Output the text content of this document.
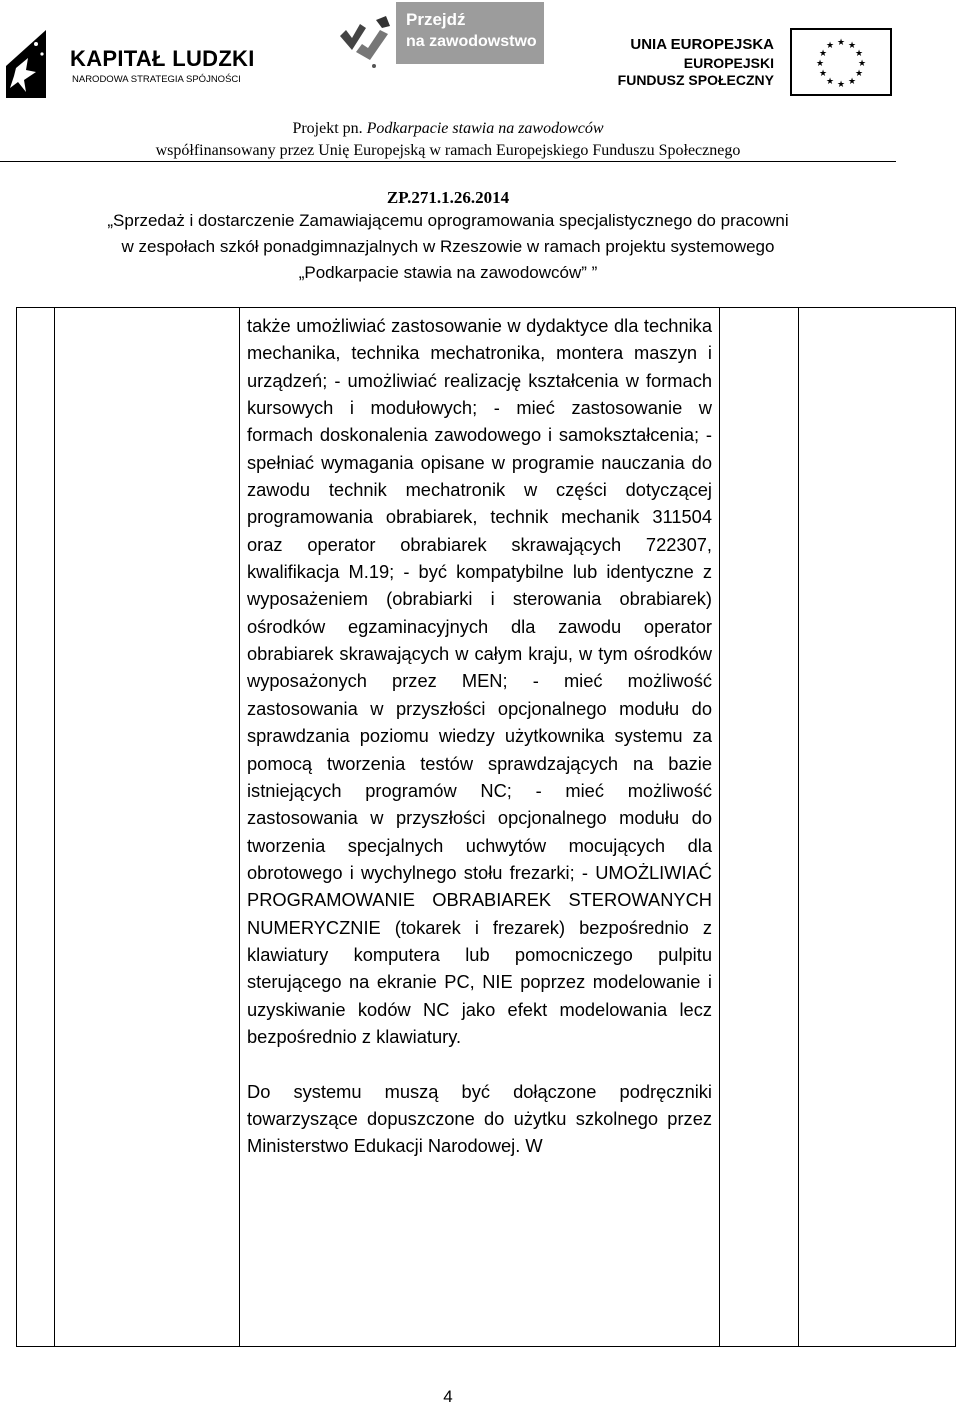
KAPITAŁ LUDZKI
NARODOWA STRATEGIA SPÓJNOŚCI
Przejdź
na zawodowstwo	UNIA EUROPEJSKA
EUROPEJSKI
FUNDUSZ SPOŁECZNY
★ ★
★
★
★
★
★
★
★
★
★
★
Projekt pn. Podkarpacie stawia na zawodowców
współfinansowany przez Unię Europejską w ramach Europejskiego Funduszu Społecznego
ZP.271.1.26.2014
„Sprzedaż i dostarczenie Zamawiającemu oprogramowania specjalistycznego do pracowni
w zespołach szkół ponadgimnazjalnych w Rzeszowie w ramach projektu systemowego
„Podkarpacie stawia na zawodowców” ”

także umożliwiać zastosowanie w dydaktyce dla technika mechanika, technika mechatronika, montera maszyn i urządzeń; - umożliwiać realizację kształcenia w formach kursowych i modułowych; - mieć zastosowanie w formach doskonalenia zawodowego i samokształcenia; - spełniać wymagania opisane w programie nauczania do zawodu technik mechatronik w części dotyczącej programowania obrabiarek, technik mechanik 311504 oraz operator obrabiarek skrawających 722307, kwalifikacja M.19; - być kompatybilne lub identyczne z wyposażeniem (obrabiarki i sterowania obrabiarek) ośrodków egzaminacyjnych dla zawodu operator obrabiarek skrawających w całym kraju, w tym ośrodków wyposażonych przez MEN; - mieć możliwość zastosowania w przyszłości opcjonalnego modułu do sprawdzania poziomu wiedzy użytkownika systemu za pomocą tworzenia testów sprawdzających na bazie istniejących programów NC; - mieć możliwość zastosowania w przyszłości opcjonalnego modułu do tworzenia specjalnych uchwytów mocujących dla obrotowego i wychylnego stołu frezarki; - UMOŻLIWIAĆ PROGRAMOWANIE OBRABIAREK STEROWANYCH NUMERYCZNIE (tokarek i frezarek) bezpośrednio z klawiatury komputera lub pomocniczego pulpitu sterującego na ekranie PC, NIE poprzez modelowanie i uzyskiwanie kodów NC jako efekt modelowania lecz bezpośrednio z klawiatury.

Do systemu muszą być dołączone podręczniki towarzyszące dopuszczone do użytku szkolnego przez Ministerstwo Edukacji Narodowej. W

4
